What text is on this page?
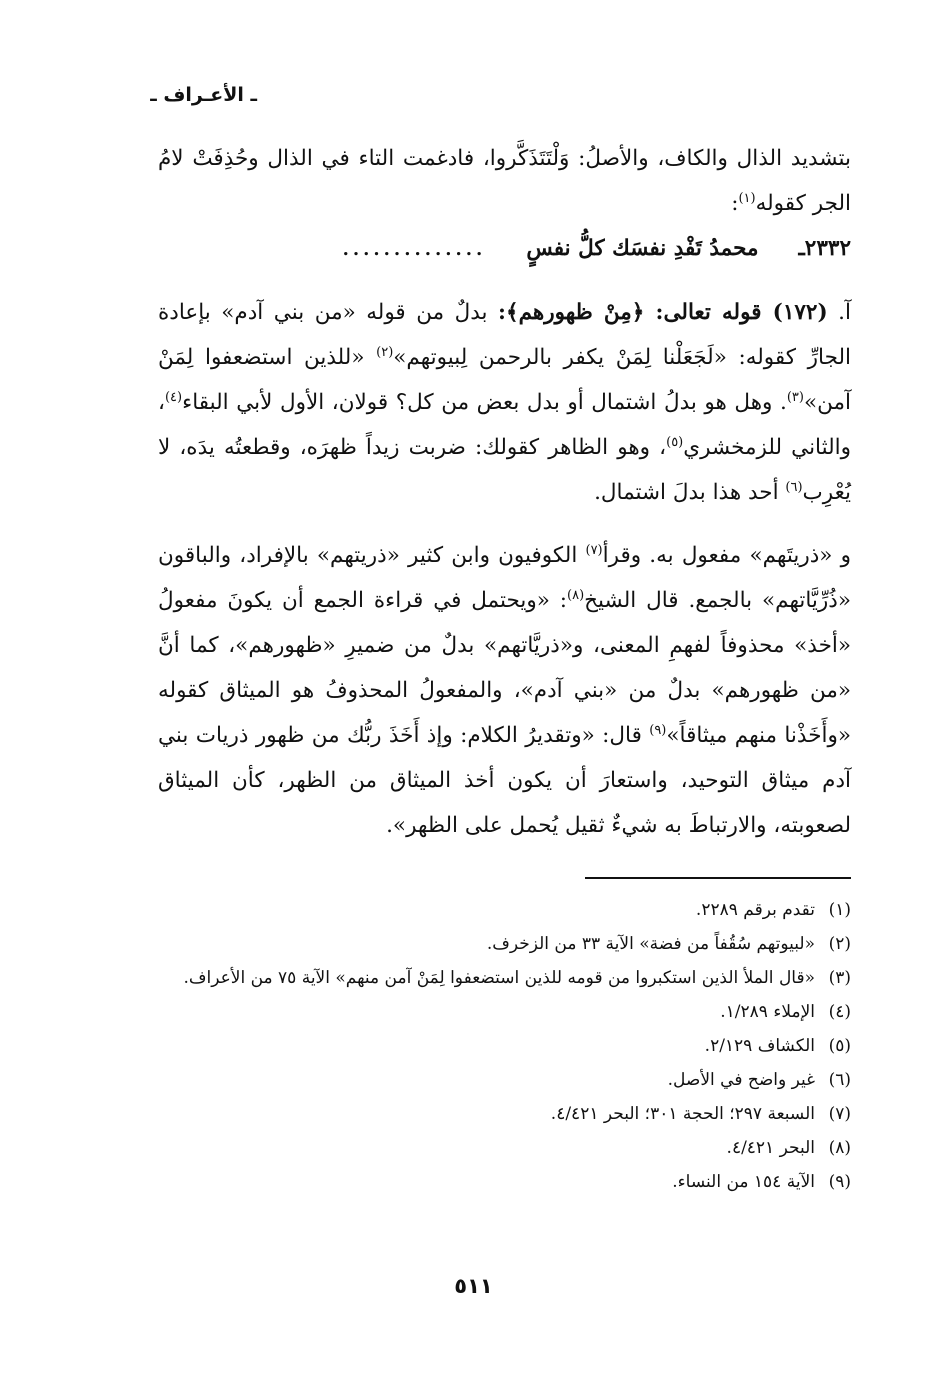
ـ الأعـراف ـ

بتشديد الذال والكاف، والأصلُ: وَلْتَتَذَكَّروا، فادغمت التاء في الذال وحُذِفَتْ لامُ الجر كقوله$^{(١)}$:

٢٣٣٢ـ
محمدُ تَفْدِ نفسَك كلُّ نفسٍ
..............

آ. (١٧٢) قوله تعالى: ﴿مِنْ ظهورهم﴾: بدلٌ من قوله «من بني آدم» بإعادة الجارِّ كقوله: «لَجَعَلْنا لِمَنْ يكفر بالرحمن لِبيوتهم»$^{(٢)}$ «للذين استضعفوا لِمَنْ آمن»$^{(٣)}$. وهل هو بدلُ اشتمال أو بدل بعض من كل؟ قولان، الأول لأبي البقاء$^{(٤)}$، والثاني للزمخشري$^{(٥)}$، وهو الظاهر كقولك: ضربت زيداً ظهرَه، وقطعتُه يدَه، لا يُعْرِب$^{(٦)}$ أحد هذا بدلَ اشتمال.

و «ذريتَهم» مفعول به. وقرأ$^{(٧)}$ الكوفيون وابن كثير «ذريتهم» بالإفراد، والباقون «ذُرِّيَّاتهم» بالجمع. قال الشيخ$^{(٨)}$: «ويحتمل في قراءة الجمع أن يكونَ مفعولُ «أخذ» محذوفاً لفهمِ المعنى، و«ذريَّاتهم» بدلٌ من ضميرِ «ظهورهم»، كما أنَّ «من ظهورهم» بدلٌ من «بني آدم»، والمفعولُ المحذوفُ هو الميثاق كقوله «وأَخَذْنا منهم ميثاقاً»$^{(٩)}$ قال: «وتقديرُ الكلام: وإذ أَخَذَ ربُّك من ظهور ذريات بني آدم ميثاق التوحيد، واستعارَ أن يكون أخذ الميثاق من الظهر، كأن الميثاق لصعوبته، والارتباطَ به شيءٌ ثقيل يُحمل على الظهر».

(١)
تقدم برقم ٢٢٨٩.
(٢)
«لبيوتهم سُقُفاً من فضة» الآية ٣٣ من الزخرف.
(٣)
«قال الملأ الذين استكبروا من قومه للذين استضعفوا لِمَنْ آمن منهم» الآية ٧٥ من الأعراف.
(٤)
الإملاء ١/٢٨٩.
(٥)
الكشاف ٢/١٢٩.
(٦)
غير واضح في الأصل.
(٧)
السبعة ٢٩٧؛ الحجة ٣٠١؛ البحر ٤/٤٢١.
(٨)
البحر ٤/٤٢١.
(٩)
الآية ١٥٤ من النساء.
٥١١
